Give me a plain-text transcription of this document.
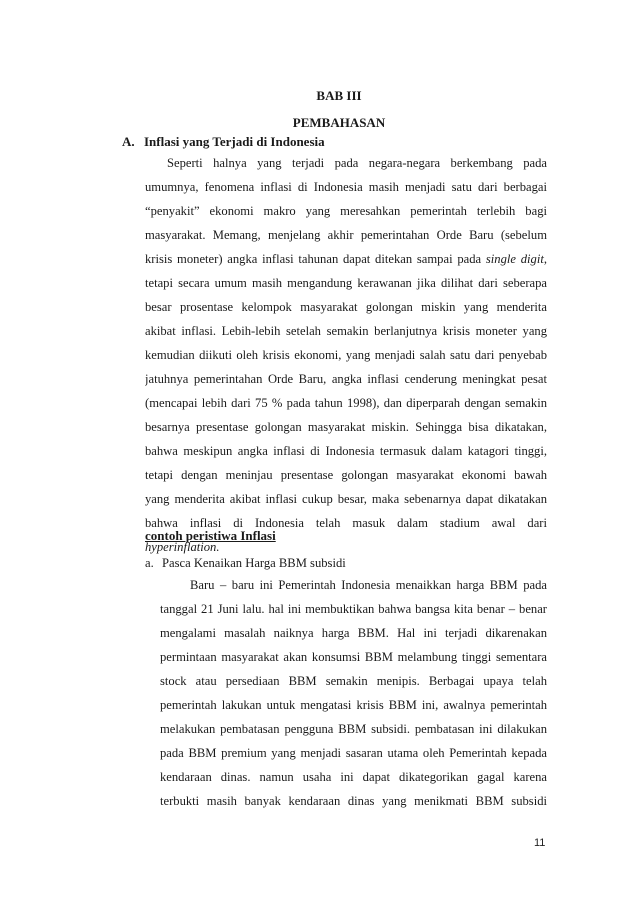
BAB III
PEMBAHASAN
A. Inflasi yang Terjadi di Indonesia
Seperti halnya yang terjadi pada negara-negara berkembang pada
umumnya, fenomena inflasi di Indonesia masih menjadi satu dari berbagai
“penyakit” ekonomi makro yang meresahkan pemerintah terlebih bagi
masyarakat. Memang, menjelang akhir pemerintahan Orde Baru (sebelum
krisis moneter) angka inflasi tahunan dapat ditekan sampai pada single digit,
tetapi secara umum masih mengandung kerawanan jika dilihat dari seberapa
besar prosentase kelompok masyarakat golongan miskin yang menderita
akibat inflasi. Lebih-lebih setelah semakin berlanjutnya krisis moneter yang
kemudian diikuti oleh krisis ekonomi, yang menjadi salah satu dari penyebab
jatuhnya pemerintahan Orde Baru, angka inflasi cenderung meningkat pesat
(mencapai lebih dari 75 % pada tahun 1998), dan diperparah dengan semakin
besarnya presentase golongan masyarakat miskin. Sehingga bisa dikatakan,
bahwa meskipun angka inflasi di Indonesia termasuk dalam katagori tinggi,
tetapi dengan meninjau presentase golongan masyarakat ekonomi bawah
yang menderita akibat inflasi cukup besar, maka sebenarnya dapat dikatakan
bahwa inflasi di Indonesia telah masuk dalam stadium awal dari
hyperinflation.
contoh peristiwa Inflasi
a. Pasca Kenaikan Harga BBM subsidi
Baru – baru ini Pemerintah Indonesia menaikkan harga BBM pada
tanggal 21 Juni lalu. hal ini membuktikan bahwa bangsa kita benar – benar
mengalami masalah naiknya harga BBM. Hal ini terjadi dikarenakan
permintaan masyarakat akan konsumsi BBM melambung tinggi sementara
stock atau persediaan BBM semakin menipis. Berbagai upaya telah
pemerintah lakukan untuk mengatasi krisis BBM ini, awalnya pemerintah
melakukan pembatasan pengguna BBM subsidi. pembatasan ini dilakukan
pada BBM premium yang menjadi sasaran utama oleh Pemerintah kepada
kendaraan dinas. namun usaha ini dapat dikategorikan gagal karena
terbukti masih banyak kendaraan dinas yang menikmati BBM subsidi
11
